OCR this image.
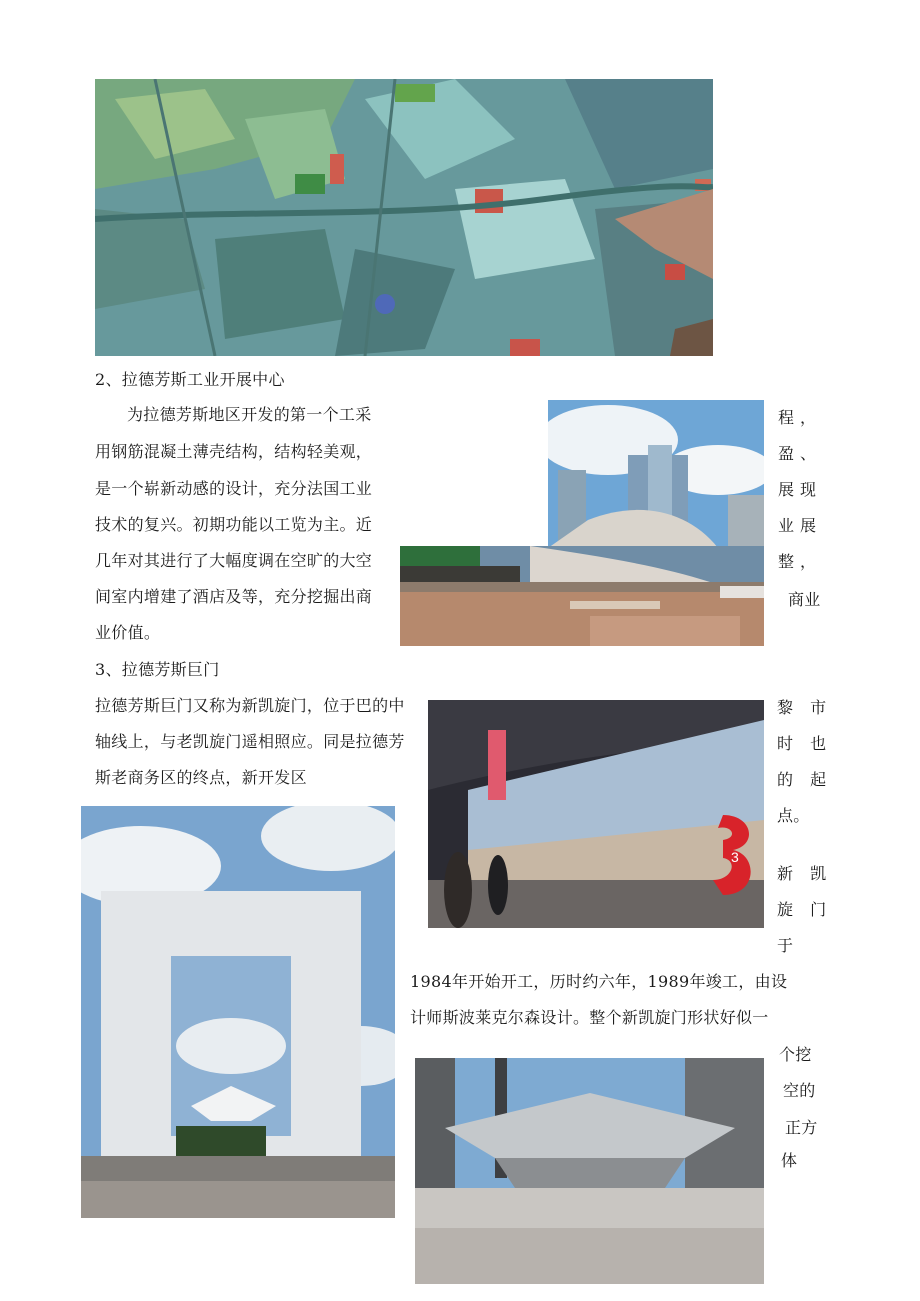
2、拉德芳斯工业开展中心
为拉德芳斯地区开发的第一个工采
用钢筋混凝土薄壳结构，结构轻美观，
是一个崭新动感的设计，充分法国工业
技术的复兴。初期功能以工览为主。近
几年对其进行了大幅度调在空旷的大空
间室内增建了酒店及等，充分挖掘出商
业价值。
程，
盈、
展现
业展
整，
商业
3、拉德芳斯巨门
拉德芳斯巨门又称为新凯旋门，位于巴的中
轴线上，与老凯旋门遥相照应。同是拉德芳
斯老商务区的终点，新开发区
3
黎 市
时 也
的 起
点。
新 凯
旋 门
于
1984年开始开工，历时约六年，1989年竣工，由设
计师斯波莱克尔森设计。整个新凯旋门形状好似一
个挖
空的
正方
体
